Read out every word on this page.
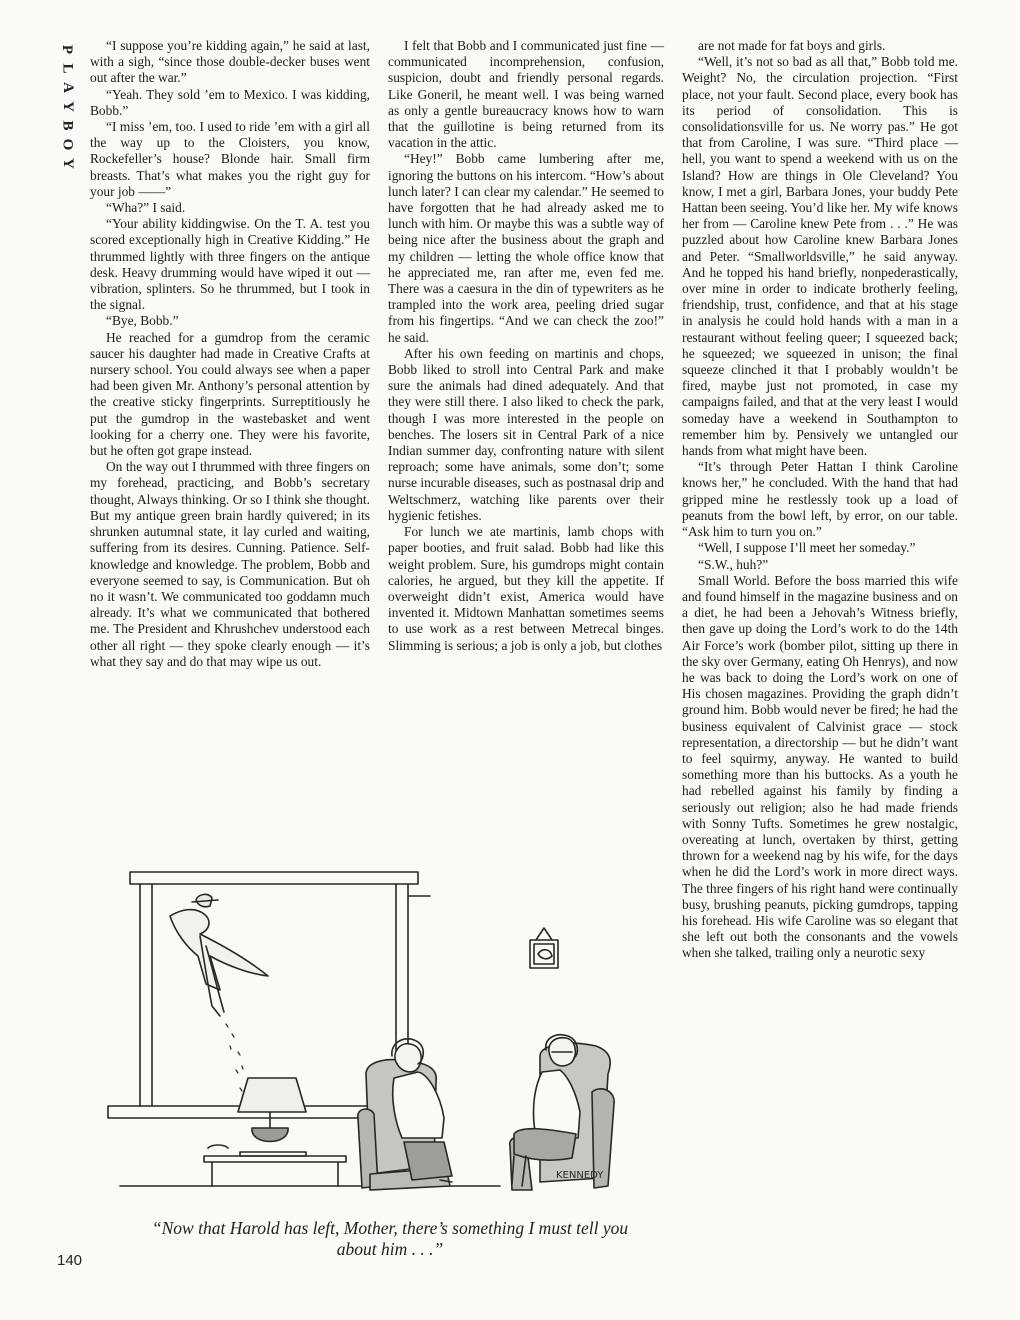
P
L
A
Y
B
O
Y

“I suppose you’re kidding again,” he said at last, with a sigh, “since those double-decker buses went out after the war.”

“Yeah. They sold ’em to Mexico. I was kidding, Bobb.”

“I miss ’em, too. I used to ride ’em with a girl all the way up to the Cloisters, you know, Rockefeller’s house? Blonde hair. Small firm breasts. That’s what makes you the right guy for your job ——”

“Wha?” I said.

“Your ability kiddingwise. On the T. A. test you scored exceptionally high in Creative Kidding.” He thrummed lightly with three fingers on the antique desk. Heavy drumming would have wiped it out — vibration, splinters. So he thrummed, but I took in the signal.

“Bye, Bobb.”

He reached for a gumdrop from the ceramic saucer his daughter had made in Creative Crafts at nursery school. You could always see when a paper had been given Mr. Anthony’s personal attention by the creative sticky fingerprints. Surreptitiously he put the gumdrop in the wastebasket and went looking for a cherry one. They were his favorite, but he often got grape instead.

On the way out I thrummed with three fingers on my forehead, practicing, and Bobb’s secretary thought, Always thinking. Or so I think she thought. But my antique green brain hardly quivered; in its shrunken autumnal state, it lay curled and waiting, suffering from its desires. Cunning. Patience. Self-knowledge and knowledge. The problem, Bobb and everyone seemed to say, is Communication. But oh no it wasn’t. We communicated too goddamn much already. It’s what we communicated that bothered me. The President and Khrushchev understood each other all right — they spoke clearly enough — it’s what they say and do that may wipe us out.

I felt that Bobb and I communicated just fine — communicated incomprehension, confusion, suspicion, doubt and friendly personal regards. Like Goneril, he meant well. I was being warned as only a gentle bureaucracy knows how to warn that the guillotine is being returned from its vacation in the attic.

“Hey!” Bobb came lumbering after me, ignoring the buttons on his intercom. “How’s about lunch later? I can clear my calendar.” He seemed to have forgotten that he had already asked me to lunch with him. Or maybe this was a subtle way of being nice after the business about the graph and my children — letting the whole office know that he appreciated me, ran after me, even fed me. There was a caesura in the din of typewriters as he trampled into the work area, peeling dried sugar from his fingertips. “And we can check the zoo!” he said.

After his own feeding on martinis and chops, Bobb liked to stroll into Central Park and make sure the animals had dined adequately. And that they were still there. I also liked to check the park, though I was more interested in the people on benches. The losers sit in Central Park of a nice Indian summer day, confronting nature with silent reproach; some have animals, some don’t; some nurse incurable diseases, such as postnasal drip and Weltschmerz, watching like parents over their hygienic fetishes.

For lunch we ate martinis, lamb chops with paper booties, and fruit salad. Bobb had like this weight problem. Sure, his gumdrops might contain calories, he argued, but they kill the appetite. If overweight didn’t exist, America would have invented it. Midtown Manhattan sometimes seems to use work as a rest between Metrecal binges. Slimming is serious; a job is only a job, but clothes

are not made for fat boys and girls.

“Well, it’s not so bad as all that,” Bobb told me. Weight? No, the circulation projection. “First place, not your fault. Second place, every book has its period of consolidation. This is consolidationsville for us. Ne worry pas.” He got that from Caroline, I was sure. “Third place — hell, you want to spend a weekend with us on the Island? How are things in Ole Cleveland? You know, I met a girl, Barbara Jones, your buddy Pete Hattan been seeing. You’d like her. My wife knows her from — Caroline knew Pete from . . .” He was puzzled about how Caroline knew Barbara Jones and Peter. “Smallworldsville,” he said anyway. And he topped his hand briefly, nonpederastically, over mine in order to indicate brotherly feeling, friendship, trust, confidence, and that at his stage in analysis he could hold hands with a man in a restaurant without feeling queer; I squeezed back; he squeezed; we squeezed in unison; the final squeeze clinched it that I probably wouldn’t be fired, maybe just not promoted, in case my campaigns failed, and that at the very least I would someday have a weekend in Southampton to remember him by. Pensively we untangled our hands from what might have been.

“It’s through Peter Hattan I think Caroline knows her,” he concluded. With the hand that had gripped mine he restlessly took up a load of peanuts from the bowl left, by error, on our table. “Ask him to turn you on.”

“Well, I suppose I’ll meet her someday.”

“S.W., huh?”

Small World. Before the boss married this wife and found himself in the magazine business and on a diet, he had been a Jehovah’s Witness briefly, then gave up doing the Lord’s work to do the 14th Air Force’s work (bomber pilot, sitting up there in the sky over Germany, eating Oh Henrys), and now he was back to doing the Lord’s work on one of His chosen magazines. Providing the graph didn’t ground him. Bobb would never be fired; he had the business equivalent of Calvinist grace — stock representation, a directorship — but he didn’t want to feel squirmy, anyway. He wanted to build something more than his buttocks. As a youth he had rebelled against his family by finding a seriously out religion; also he had made friends with Sonny Tufts. Sometimes he grew nostalgic, overeating at lunch, overtaken by thirst, getting thrown for a weekend nag by his wife, for the days when he did the Lord’s work in more direct ways. The three fingers of his right hand were continually busy, brushing peanuts, picking gumdrops, tapping his forehead. His wife Caroline was so elegant that she left out both the consonants and the vowels when she talked, trailing only a neurotic sexy

KENNEDY
“Now that Harold has left, Mother, there’s something I must tell you about him . . .”
140
